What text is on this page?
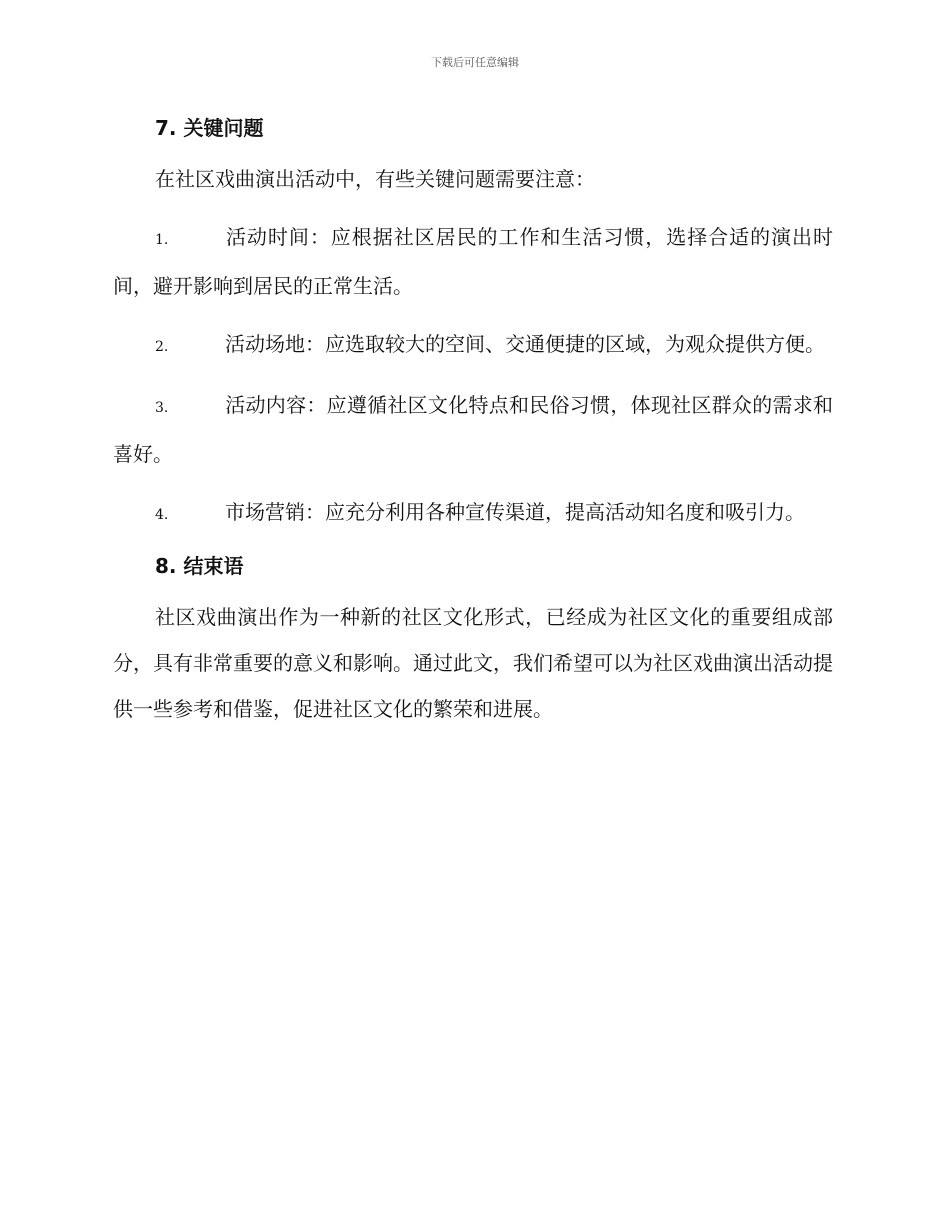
下载后可任意编辑
7. 关键问题

在社区戏曲演出活动中，有些关键问题需要注意：

1.	活动时间：应根据社区居民的工作和生活习惯，选择合适的演出时间，避开影响到居民的正常生活。

2.	活动场地：应选取较大的空间、交通便捷的区域，为观众提供方便。

3.	活动内容：应遵循社区文化特点和民俗习惯，体现社区群众的需求和喜好。

4.	市场营销：应充分利用各种宣传渠道，提高活动知名度和吸引力。

8. 结束语

社区戏曲演出作为一种新的社区文化形式，已经成为社区文化的重要组成部分，具有非常重要的意义和影响。通过此文，我们希望可以为社区戏曲演出活动提供一些参考和借鉴，促进社区文化的繁荣和进展。
